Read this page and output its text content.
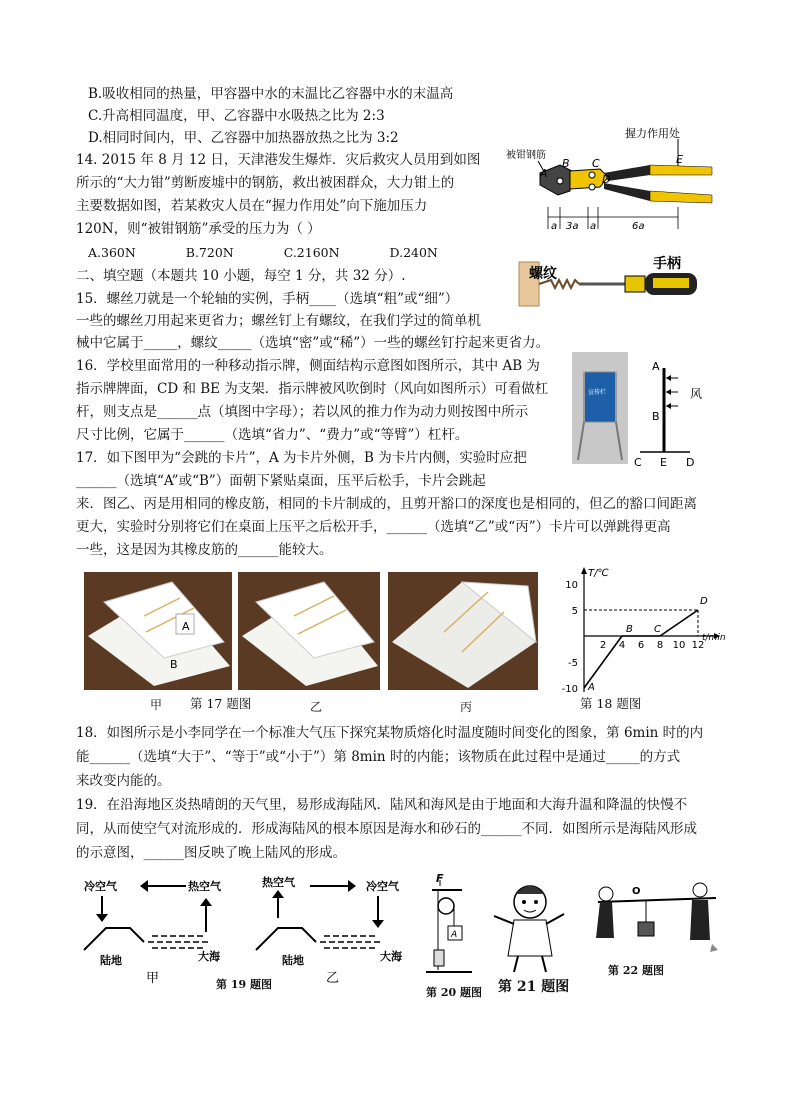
B.吸收相同的热量，甲容器中水的末温比乙容器中水的末温高
C.升高相同温度，甲、乙容器中水吸热之比为 2:3
D.相同时间内，甲、乙容器中加热器放热之比为 3:2
14. 2015 年 8 月 12 日，天津港发生爆炸．灾后救灾人员用到如图
所示的“大力钳”剪断废墟中的钢筋，救出被困群众，大力钳上的
主要数据如图，若某救灾人员在“握力作用处”向下施加压力
120N，则“被钳钢筋”承受的压力为（ ）
A.360N	B.720N	C.2160N	D.240N
握力作用处
被钳钢筋
A
B C
D
E
a 3a a	6a
二、填空题（本题共 10 小题，每空 1 分，共 32 分）.
15．螺丝刀就是一个轮轴的实例，手柄____（选填“粗”或“细”）
一些的螺丝刀用起来更省力；螺丝钉上有螺纹，在我们学过的简单机
械中它属于_____，螺纹_____（选填“密”或“稀”）一些的螺丝钉拧起来更省力。
螺纹
手柄
16．学校里面常用的一种移动指示牌，侧面结构示意图如图所示，其中 AB 为
指示牌牌面，CD 和 BE 为支架．指示牌被风吹倒时（风向如图所示）可看做杠
杆，则支点是______点（填图中字母）；若以风的推力作为动力则按图中所示
尺寸比例，它属于______（选填“省力”、“费力”或“等臂”）杠杆。
宣传栏	风
A
B
C E D
17．如下图甲为“会跳的卡片”，A 为卡片外侧，B 为卡片内侧，实验时应把
______（选填“A”或“B”）面朝下紧贴桌面，压平后松手，卡片会跳起
来．图乙、丙是用相同的橡皮筋，相同的卡片制成的，且剪开豁口的深度也是相同的，但乙的豁口间距离
更大，实验时分别将它们在桌面上压平之后松开手，______（选填“乙”或“丙”）卡片可以弹跳得更高
一些，这是因为其橡皮筋的______能较大。
A
B
甲 第 17 题图	乙	丙
T/℃
t/min
-10
-5
5
10
2 4 6 8 10 12
A
B C
D
第 18 题图
18．如图所示是小李同学在一个标准大气压下探究某物质熔化时温度随时间变化的图象，第 6min 时的内
能______（选填“大于”、“等于”或“小于”）第 8min 时的内能；该物质在此过程中是通过_____的方式
来改变内能的。
19．在沿海地区炎热晴朗的天气里，易形成海陆风．陆风和海风是由于地面和大海升温和降温的快慢不
同，从而使空气对流形成的．形成海陆风的根本原因是海水和砂石的______不同．如图所示是海陆风形成
的示意图，______图反映了晚上陆风的形成。
冷空气	热空气
陆地	大海
甲
热空气	冷空气
陆地	大海
乙
第 19 题图
F
A
第 20 题图 第 21 题图
O
第 22 题图
